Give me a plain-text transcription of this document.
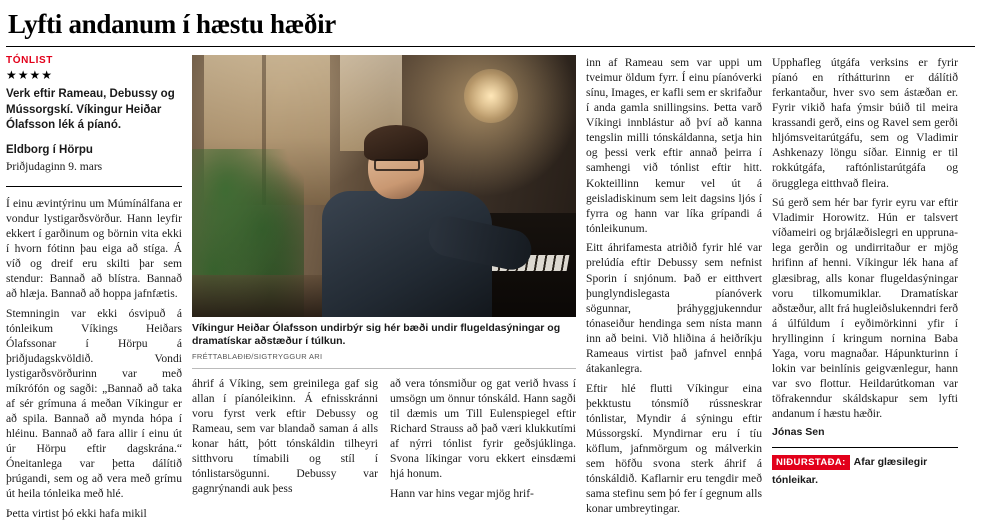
Lyfti andanum í hæstu hæðir
TÓNLIST
★★★★
Verk eftir Rameau, Debussy og Mússorgskí. Víkingur Heiðar Ólafsson lék á píanó.
Eldborg í Hörpu
Þriðjudaginn 9. mars

Í einu ævintýrinu um Múmínálfana er vondur lystigarðsvörður. Hann leyfir ekkert í garðinum og börnin vita ekki í hvorn fótinn þau eiga að stíga. Á víð og dreif eru skilti þar sem stendur: Bannað að blístra. Bannað að hlæja. Bannað að hoppa jafnfætis.

Stemningin var ekki ósvipuð á tónleikum Víkings Heiðars Ólafssonar í Hörpu á þriðjudagskvöldið. Vondi lystigarðsvörðurinn var með míkrófón og sagði: „Bannað að taka af sér grímuna á meðan Víkingur er að spila. Bannað að mynda hópa í hléinu. Bannað að fara allir í einu út úr Hörpu eftir dagskrána.“ Óneitanlega var þetta dálítið þrúgandi, sem og að vera með grímu út heila tónleika með hlé.

Þetta virtist þó ekki hafa mikil

Víkingur Heiðar Ólafsson undirbýr sig hér bæði undir flugeldasýningar og dramatískar aðstæður í túlkun.
FRÉTTABLAÐIÐ/SIGTRYGGUR ARI

áhrif á Víking, sem greinilega gaf sig allan í píanóleikinn. Á efnisskránni voru fyrst verk eftir Debussy og Rameau, sem var blandað saman á alls konar hátt, þótt tónskáldin tilheyri sitthvoru tímabili og stíl í tónlistarsögunni. Debussy var gagnrýnandi auk þess

að vera tónsmiður og gat verið hvass í umsögn um önnur tónskáld. Hann sagði til dæmis um Till Eulenspiegel eftir Richard Strauss að það væri klukkutími af nýrri tónlist fyrir geðsjúklinga. Svona líkingar voru ekkert einsdæmi hjá honum.

Hann var hins vegar mjög hrif-

inn af Rameau sem var uppi um tveimur öldum fyrr. Í einu píanóverki sínu, Images, er kafli sem er skrifaður í anda gamla snillingsins. Þetta varð Víkingi innblástur að því að kanna tengslin milli tónskáldanna, setja hin og þessi verk eftir annað þeirra í samhengi við tónlist eftir hitt. Kokteillinn kemur vel út á geisladiskinum sem leit dagsins ljós í fyrra og hann var líka grípandi á tónleikunum.

Eitt áhrifamesta atriðið fyrir hlé var prelúdía eftir Debussy sem nefnist Sporin í snjónum. Það er eitthvert þunglyndislegasta píanóverk sögunnar, þráhyggjukenndur tónaseiður hendinga sem nísta mann inn að beini. Við hliðina á heiðríkju Rameaus virtist það jafnvel ennþá átakanlegra.

Eftir hlé flutti Víkingur eina þekktustu tónsmíð rússneskrar tónlistar, Myndir á sýningu eftir Mússorgskí. Myndirnar eru í tíu köflum, jafnmörgum og málverkin sem höfðu svona sterk áhrif á tónskáldið. Kaflarnir eru tengdir með sama stefinu sem þó fer í gegnum alls konar umbreytingar.

Upphafleg útgáfa verksins er fyrir píanó en ríthátturinn er dálítið ferkantaður, hver svo sem ástæðan er. Fyrir vikið hafa ýmsir búið til meira krassandi gerð, eins og Ravel sem gerði hljómsveitarútgáfu, sem og Vladimir Ashkenazy löngu síðar. Einnig er til rokkútgáfa, raftónlistarútgáfa og örugglega eitthvað fleira.

Sú gerð sem hér bar fyrir eyru var eftir Vladimir Horowitz. Hún er talsvert víðameiri og brjálæðislegri en upprunalega gerðin og undirritaður er mjög hrifinn af henni. Víkingur lék hana af glæsibrag, alls konar flugeldasýningar voru tilkomumiklar. Dramatískar aðstæður, allt frá hugleiðslukenndri ferð á úlfúldum í eyðimörkinni yfir í hryllinginn í kringum nornina Baba Yaga, voru magnaðar. Hápunkturinn í lokin var beinlínis geigvænlegur, hann var svo flottur. Heildarútkoman var töfrakenndur skáldskapur sem lyfti andanum í hæstu hæðir.

Jónas Sen

NIÐURSTAÐA: Afar glæsilegir tónleikar.
